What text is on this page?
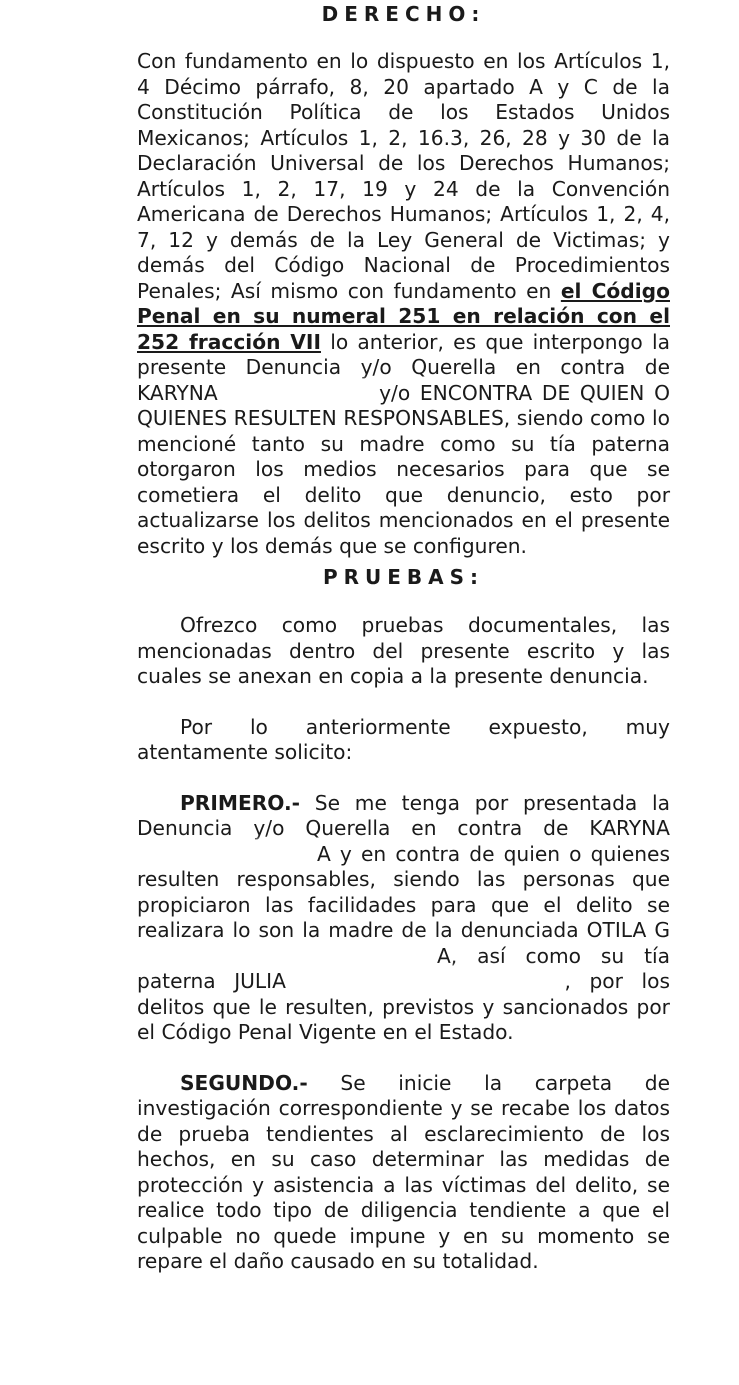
DERECHO:

Con fundamento en lo dispuesto en los Artículos 1, 4 Décimo párrafo, 8, 20 apartado A y C de la Constitución Política de los Estados Unidos Mexicanos; Artículos 1, 2, 16.3, 26, 28 y 30 de la Declaración Universal de los Derechos Humanos; Artículos 1, 2, 17, 19 y 24 de la Convención Americana de Derechos Humanos; Artículos 1, 2, 4, 7, 12 y demás de la Ley General de Victimas; y demás del Código Nacional de Procedimientos Penales; Así mismo con fundamento en el Código Penal en su numeral 251 en relación con el 252 fracción VII lo anterior, es que interpongo la presente Denuncia y/o Querella en contra de KARYNA	y/o ENCONTRA DE QUIEN O QUIENES RESULTEN RESPONSABLES, siendo como lo mencioné tanto su madre como su tía paterna otorgaron los medios necesarios para que se cometiera el delito que denuncio, esto por actualizarse los delitos mencionados en el presente escrito y los demás que se configuren.

PRUEBAS:

Ofrezco como pruebas documentales, las mencionadas dentro del presente escrito y las cuales se anexan en copia a la presente denuncia.

Por lo anteriormente expuesto, muy atentamente solicito:

PRIMERO.- Se me tenga por presentada la Denuncia y/o Querella en contra de KARYNA A y en contra de quien o quienes resulten responsables, siendo las personas que propiciaron las facilidades para que el delito se realizara lo son la madre de la denunciada OTILA GA, así como su tía paterna JULIA	, por los delitos que le resulten, previstos y sancionados por el Código Penal Vigente en el Estado.

SEGUNDO.- Se inicie la carpeta de investigación correspondiente y se recabe los datos de prueba tendientes al esclarecimiento de los hechos, en su caso determinar las medidas de protección y asistencia a las víctimas del delito, se realice todo tipo de diligencia tendiente a que el culpable no quede impune y en su momento se repare el daño causado en su totalidad.
